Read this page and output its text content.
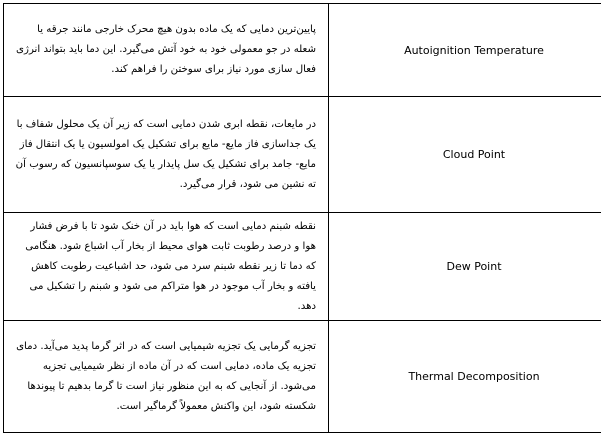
پایین‌ترین دمایی که یک ماده بدون هیچ محرک خارجی مانند جرقه یا شعله در جو معمولی خود به خود آتش می‌گیرد. این دما باید بتواند انرژی فعال سازی مورد نیاز برای سوختن را فراهم کند.	Autoignition Temperature
در مایعات، نقطه ابری شدن دمایی است که زیر آن یک محلول شفاف با یک جداسازی فاز مایع- مایع برای تشکیل یک امولسیون یا یک انتقال فاز مایع- جامد برای تشکیل یک سل پایدار یا یک سوسپانسیون که رسوب آن ته نشین می شود، قرار می‌گیرد.	Cloud Point
نقطه شبنم دمایی است که هوا باید در آن خنک شود تا با فرض فشار هوا و درصد رطوبت ثابت هوای محیط از بخار آب اشباع شود. هنگامی که دما تا زیر نقطه شبنم سرد می شود، حد اشباعیت رطوبت کاهش یافته و بخار آب موجود در هوا متراکم می شود و شبنم را تشکیل می دهد.	Dew Point
تجزیه گرمایی یک تجزیه شیمیایی است که در اثر گرما پدید می‌آید. دمای تجزیه یک ماده، دمایی است که در آن ماده از نظر شیمیایی تجزیه می‌شود. از آنجایی که به این منظور نیاز است تا گرما بدهیم تا پیوندها شکسته شود، این واکنش معمولاً گرماگیر است.	Thermal Decomposition
